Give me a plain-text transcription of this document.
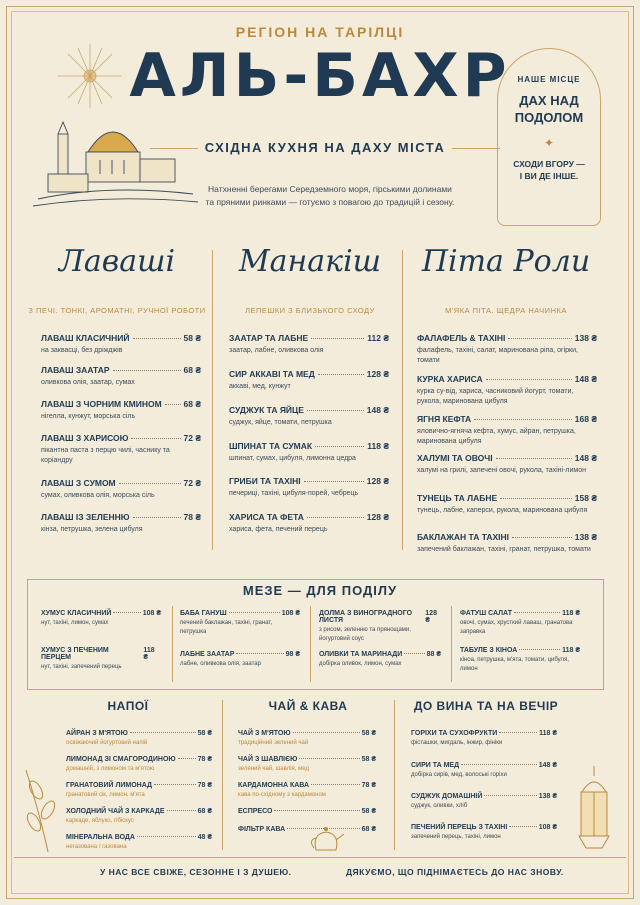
РЕГІОН НА ТАРІЛЦІ
АЛЬ-БАХР
СХІДНА КУХНЯ НА ДАХУ МІСТА
Натхненні берегами Середземного моря, гірськими долинами та пряними ринками — готуємо з повагою до традицій і сезону.
НАШЕ МІСЦЕ
ДАХ НАД
ПОДОЛОМ
✦
СХОДИ ВГОРУ —
І ВИ ДЕ ІНШЕ.
Лаваші
З ПЕЧІ. ТОНКІ, АРОМАТНІ, РУЧНОЇ РОБОТИ
ЛАВАШ КЛАСИЧНИЙ	58 ₴
на заквасці, без дріжджів
ЛАВАШ ЗААТАР	68 ₴
оливкова олія, заатар, сумах
ЛАВАШ З ЧОРНИМ КМИНОМ	68 ₴
нігелла, кунжут, морська сіль
ЛАВАШ З ХАРИСОЮ	72 ₴
пікантна паста з перцю чилі, часнику та коріандру
ЛАВАШ З СУМОМ	72 ₴
сумах, оливкова олія, морська сіль
ЛАВАШ ІЗ ЗЕЛЕННЮ	78 ₴
кінза, петрушка, зелена цибуля
Манакіш
ЛЕПЕШКИ З БЛИЗЬКОГО СХОДУ
ЗААТАР ТА ЛАБНЕ	112 ₴
заатар, лабне, оливкова олія
СИР АККАВІ ТА МЕД	128 ₴
аккаві, мед, кунжут
СУДЖУК ТА ЯЙЦЕ	148 ₴
суджук, яйце, томати, петрушка
ШПИНАТ ТА СУМАК	118 ₴
шпинат, сумах, цибуля, лимонна цедра
ГРИБИ ТА ТАХІНІ	128 ₴
печериці, тахіні, цибуля-порей, чебрець
ХАРИСА ТА ФЕТА	128 ₴
хариса, фета, печений перець
Піта Роли
М'ЯКА ПІТА. ЩЕДРА НАЧИНКА
ФАЛАФЕЛЬ & ТАХІНІ	138 ₴
фалафель, тахіні, салат, маринована ріпа, огірки, томати
КУРКА ХАРИСА	148 ₴
курка су-від, хариса, часниковий йогурт, томати, рукола, маринована цибуля
ЯГНЯ КЕФТА	168 ₴
яловично-ягняча кефта, хумус, айран, петрушка, маринована цибуля
ХАЛУМІ ТА ОВОЧІ	148 ₴
халумі на грилі, запечені овочі, рукола, тахіні-лимон
ТУНЕЦЬ ТА ЛАБНЕ	158 ₴
тунець, лабне, каперси, рукола, маринована цибуля
БАКЛАЖАН ТА ТАХІНІ	138 ₴
запечений баклажан, тахіні, гранат, петрушка, томати
МЕЗЕ — ДЛЯ ПОДІЛУ
ХУМУС КЛАСИЧНИЙ	108 ₴
нут, тахіні, лимон, сумах
ХУМУС З ПЕЧЕНИМ ПЕРЦЕМ
118 ₴
нут, тахіні, запечений перець
БАБА ГАНУШ	108 ₴
печений баклажан, тахіні, гранат, петрушка
ЛАБНЕ ЗААТАР	98 ₴
лабне, оливкова олія, заатар
ДОЛМА З ВИНОГРАДНОГО ЛИСТЯ
128 ₴
з рисом, зеленню та прянощами, йогуртовий соус
ОЛИВКИ ТА МАРИНАДИ	88 ₴
добірка оливок, лимон, сумах
ФАТУШ САЛАТ	118 ₴
овочі, сумах, хрусткий лаваш, гранатова заправка
ТАБУЛЕ З КІНОА	118 ₴
кіноа, петрушка, м'ята, томати, цибуля, лимон
НАПОЇ
АЙРАН З М'ЯТОЮ	58 ₴
освіжаючий йогуртовий напій
ЛИМОНАД ЗІ СМАГОРОДИНОЮ	78 ₴
домашній, з лимоном та м'ятою
ГРАНАТОВИЙ ЛИМОНАД	78 ₴
гранатовий сік, лимон, м'ята
ХОЛОДНИЙ ЧАЙ З КАРКАДЕ	68 ₴
каркаде, яблуко, гібіскус
МІНЕРАЛЬНА ВОДА	48 ₴
негазована / газована
ЧАЙ & КАВА
ЧАЙ З М'ЯТОЮ	58 ₴
традиційний зелений чай
ЧАЙ З ШАВЛІЄЮ	58 ₴
зелений чай, шавлія, мед
КАРДАМОННА КАВА	78 ₴
кава по-східному з кардамоном
ЕСПРЕСО	58 ₴
ФІЛЬТР КАВА	68 ₴
ДО ВИНА ТА НА ВЕЧІР
ГОРІХИ ТА СУХОФРУКТИ	118 ₴
фісташки, мигдаль, інжир, фініки
СИРИ ТА МЕД	148 ₴
добірка сирів, мед, волоські горіхи
СУДЖУК ДОМАШНІЙ	138 ₴
суджук, оливки, хліб
ПЕЧЕНИЙ ПЕРЕЦЬ З ТАХІНІ	108 ₴
запечений перець, тахіні, лимон
У НАС ВСЕ СВІЖЕ, СЕЗОННЕ І З ДУШЕЮ.	ДЯКУЄМО, ЩО ПІДНІМАЄТЕСЬ ДО НАС ЗНОВУ.
